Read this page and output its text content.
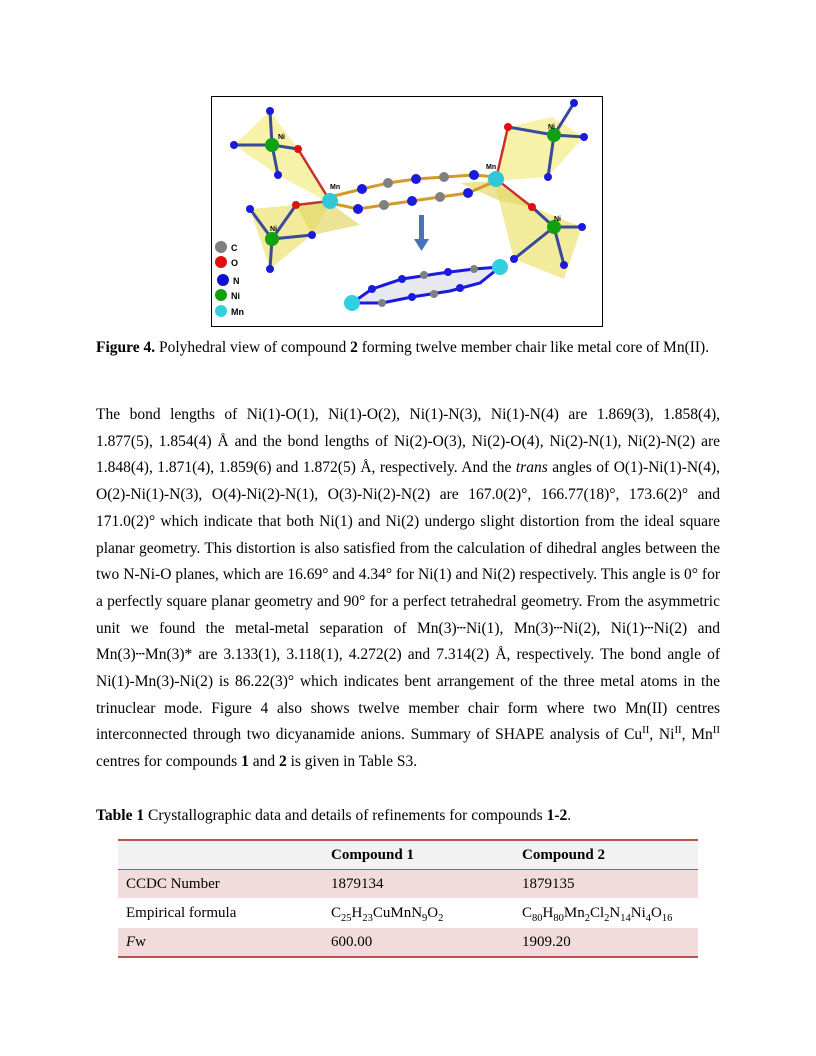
Ni
Ni
Ni
Ni
Mn
Mn
C
O
N
Ni
Mn
Figure 4. Polyhedral view of compound 2 forming twelve member chair like metal core of Mn(II).

The bond lengths of Ni(1)-O(1), Ni(1)-O(2), Ni(1)-N(3), Ni(1)-N(4) are 1.869(3), 1.858(4), 1.877(5), 1.854(4) Å and the bond lengths of Ni(2)-O(3), Ni(2)-O(4), Ni(2)-N(1), Ni(2)-N(2) are 1.848(4), 1.871(4), 1.859(6) and 1.872(5) Å, respectively. And the trans angles of O(1)-Ni(1)-N(4), O(2)-Ni(1)-N(3), O(4)-Ni(2)-N(1), O(3)-Ni(2)-N(2) are 167.0(2)°, 166.77(18)°, 173.6(2)° and 171.0(2)° which indicate that both Ni(1) and Ni(2) undergo slight distortion from the ideal square planar geometry. This distortion is also satisfied from the calculation of dihedral angles between the two N-Ni-O planes, which are 16.69° and 4.34° for Ni(1) and Ni(2) respectively. This angle is 0° for a perfectly square planar geometry and 90° for a perfect tetrahedral geometry. From the asymmetric unit we found the metal-metal separation of Mn(3)┄Ni(1), Mn(3)┄Ni(2), Ni(1)┄Ni(2) and Mn(3)┄Mn(3)* are 3.133(1), 3.118(1), 4.272(2) and 7.314(2) Å, respectively. The bond angle of Ni(1)-Mn(3)-Ni(2) is 86.22(3)° which indicates bent arrangement of the three metal atoms in the trinuclear mode. Figure 4 also shows twelve member chair form where two Mn(II) centres interconnected through two dicyanamide anions. Summary of SHAPE analysis of $Cu^{II}$, $Ni^{II}$, $Mn^{II}$ centres for compounds 1 and 2 is given in Table S3.

Table 1 Crystallographic data and details of refinements for compounds 1-2.
	Compound 1	Compound 2
CCDC Number	1879134	1879135
Empirical formula	$C_{25}H_{23}CuMnN_9O_2$	$C_{80}H_{80}Mn_2Cl_2N_{14}Ni_4O_{16}$
Fw	600.00	1909.20
